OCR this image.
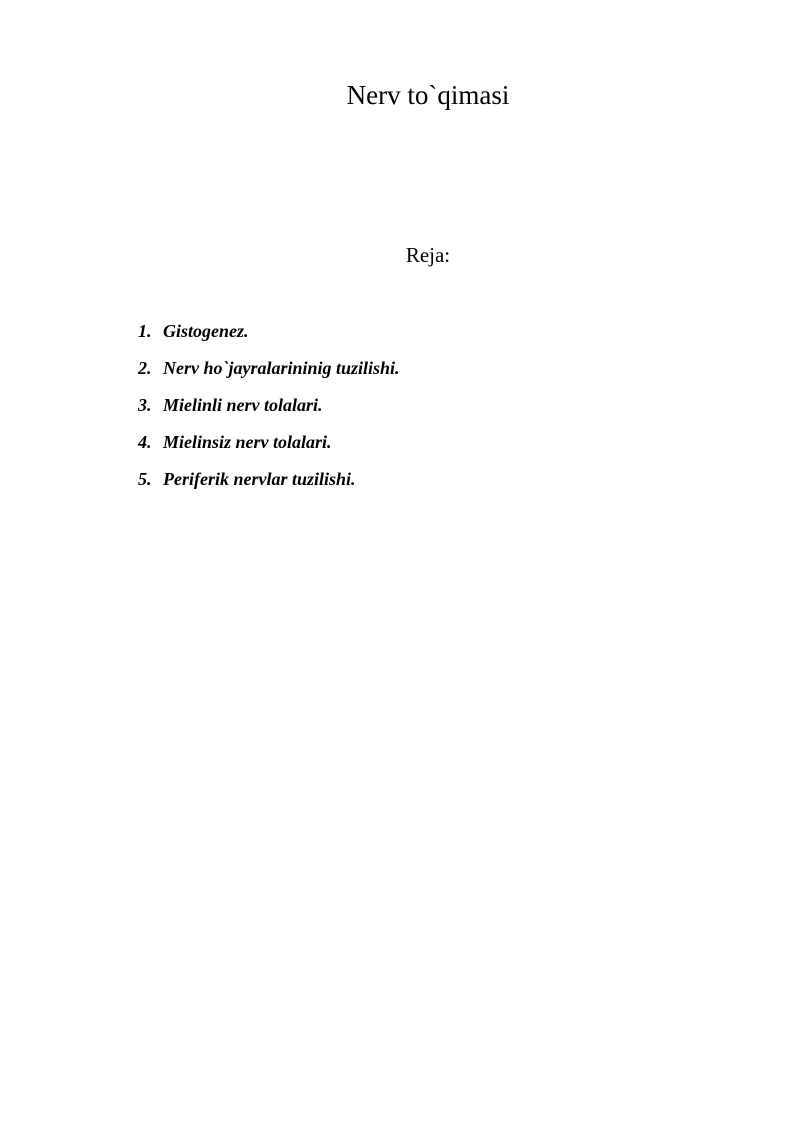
Nerv to`qimasi
Reja:
1. Gistogenez.
2. Nerv ho`jayralarininig tuzilishi.
3. Mielinli nerv tolalari.
4. Mielinsiz nerv tolalari.
5. Periferik nervlar tuzilishi.
